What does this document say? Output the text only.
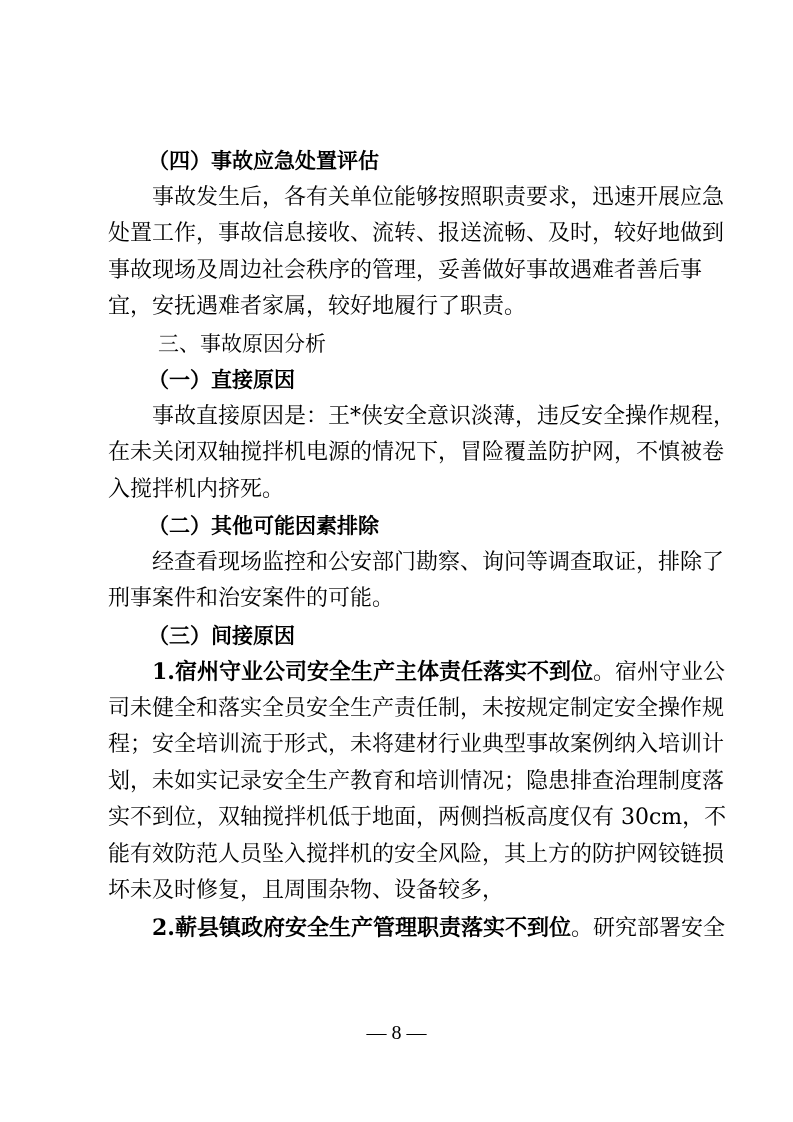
（四）事故应急处置评估
事故发生后，各有关单位能够按照职责要求，迅速开展应急
处置工作，事故信息接收、流转、报送流畅、及时，较好地做到
事故现场及周边社会秩序的管理，妥善做好事故遇难者善后事
宜，安抚遇难者家属，较好地履行了职责。
三、事故原因分析
（一）直接原因
事故直接原因是：王*侠安全意识淡薄，违反安全操作规程，
在未关闭双轴搅拌机电源的情况下，冒险覆盖防护网，不慎被卷
入搅拌机内挤死。
（二）其他可能因素排除
经查看现场监控和公安部门勘察、询问等调查取证，排除了
刑事案件和治安案件的可能。
（三）间接原因
1.宿州守业公司安全生产主体责任落实不到位。宿州守业公
司未健全和落实全员安全生产责任制，未按规定制定安全操作规
程；安全培训流于形式，未将建材行业典型事故案例纳入培训计
划，未如实记录安全生产教育和培训情况；隐患排查治理制度落
实不到位，双轴搅拌机低于地面，两侧挡板高度仅有 30cm，不
能有效防范人员坠入搅拌机的安全风险，其上方的防护网铰链损
坏未及时修复，且周围杂物、设备较多，
2.蕲县镇政府安全生产管理职责落实不到位。研究部署安全
— 8 —
